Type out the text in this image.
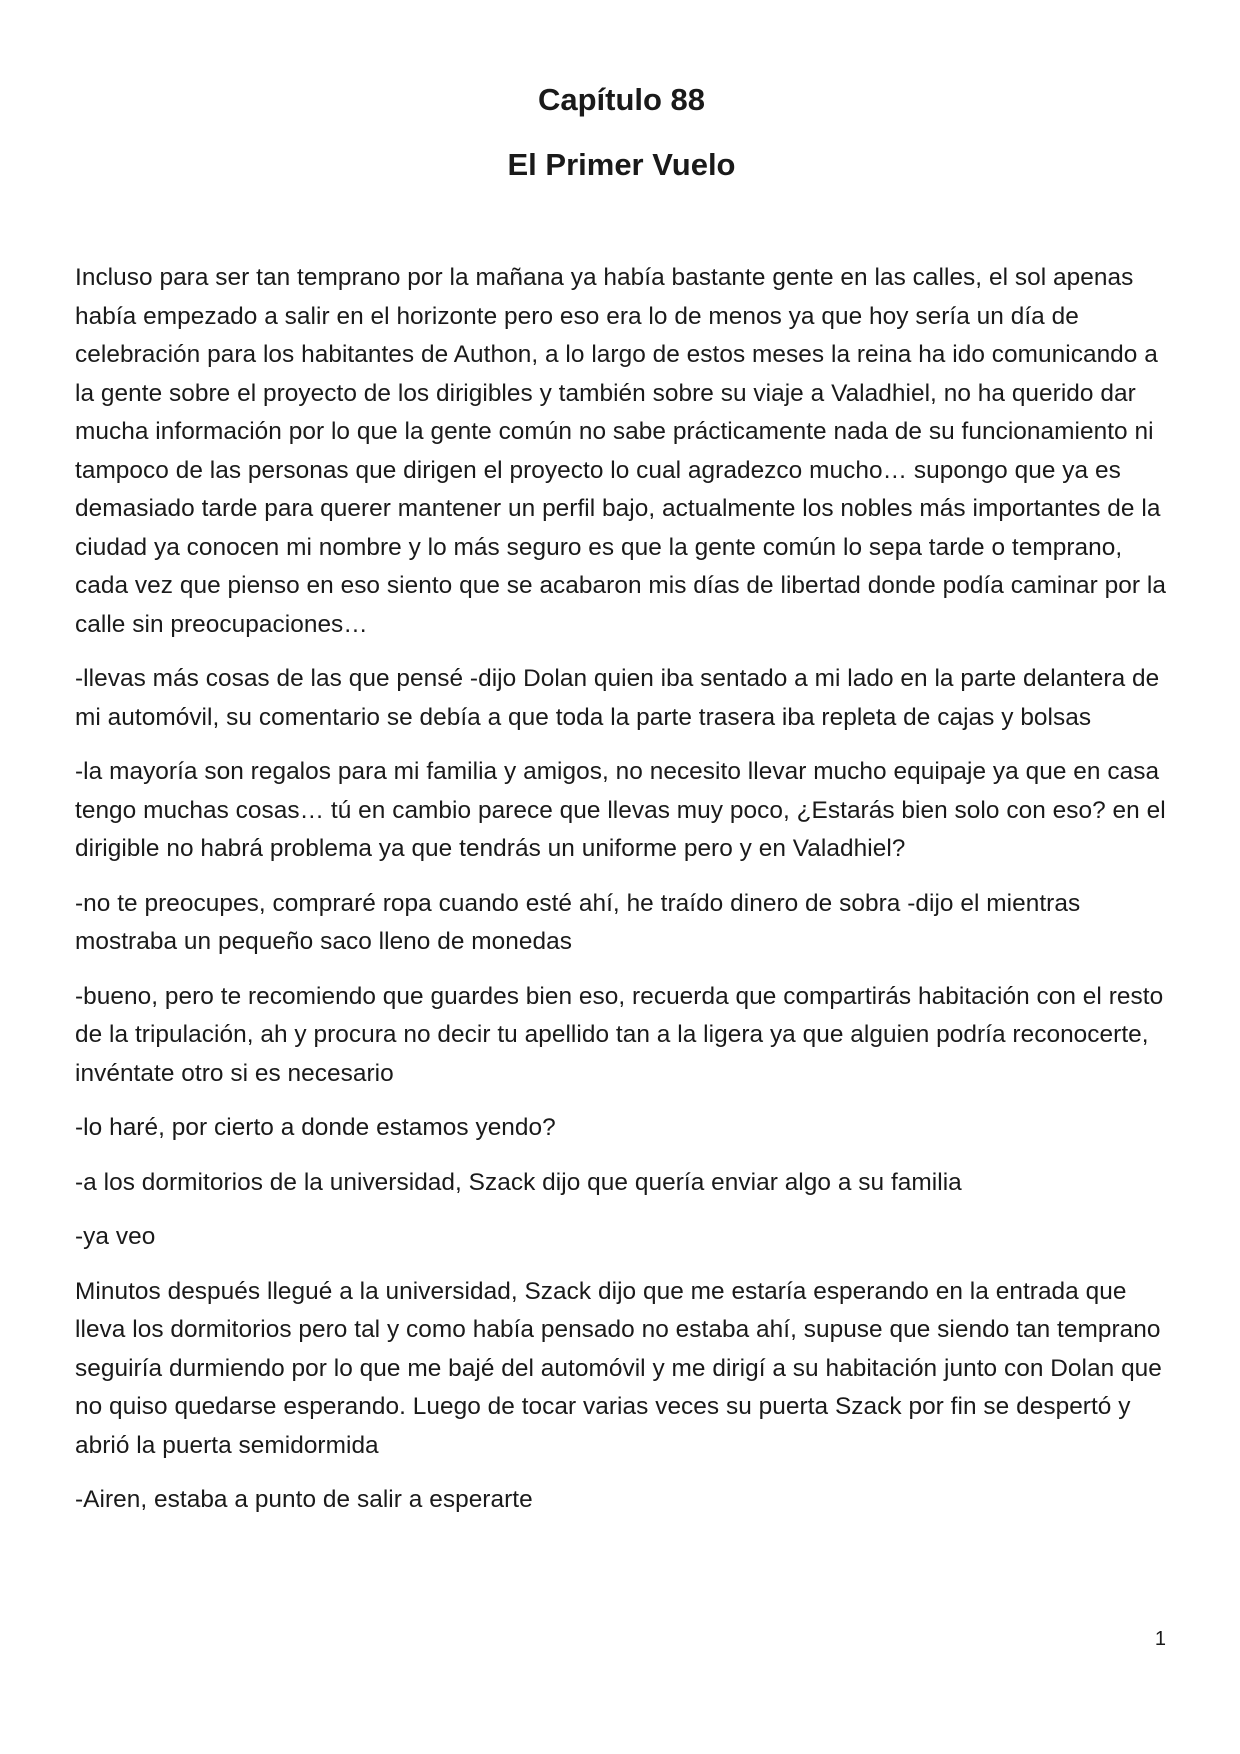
Capítulo 88
El Primer Vuelo

Incluso para ser tan temprano por la mañana ya había bastante gente en las calles, el sol apenas había empezado a salir en el horizonte pero eso era lo de menos ya que hoy sería un día de celebración para los habitantes de Authon, a lo largo de estos meses la reina ha ido comunicando a la gente sobre el proyecto de los dirigibles y también sobre su viaje a Valadhiel, no ha querido dar mucha información por lo que la gente común no sabe prácticamente nada de su funcionamiento ni tampoco de las personas que dirigen el proyecto lo cual agradezco mucho… supongo que ya es demasiado tarde para querer mantener un perfil bajo, actualmente los nobles más importantes de la ciudad ya conocen mi nombre y lo más seguro es que la gente común lo sepa tarde o temprano, cada vez que pienso en eso siento que se acabaron mis días de libertad donde podía caminar por la calle sin preocupaciones…

-llevas más cosas de las que pensé -dijo Dolan quien iba sentado a mi lado en la parte delantera de mi automóvil, su comentario se debía a que toda la parte trasera iba repleta de cajas y bolsas

-la mayoría son regalos para mi familia y amigos, no necesito llevar mucho equipaje ya que en casa tengo muchas cosas… tú en cambio parece que llevas muy poco, ¿Estarás bien solo con eso? en el dirigible no habrá problema ya que tendrás un uniforme pero y en Valadhiel?

-no te preocupes, compraré ropa cuando esté ahí, he traído dinero de sobra -dijo el mientras mostraba un pequeño saco lleno de monedas

-bueno, pero te recomiendo que guardes bien eso, recuerda que compartirás habitación con el resto de la tripulación, ah y procura no decir tu apellido tan a la ligera ya que alguien podría reconocerte, invéntate otro si es necesario

-lo haré, por cierto a donde estamos yendo?

-a los dormitorios de la universidad, Szack dijo que quería enviar algo a su familia

-ya veo

Minutos después llegué a la universidad, Szack dijo que me estaría esperando en la entrada que lleva los dormitorios pero tal y como había pensado no estaba ahí, supuse que siendo tan temprano seguiría durmiendo por lo que me bajé del automóvil y me dirigí a su habitación junto con Dolan que no quiso quedarse esperando. Luego de tocar varias veces su puerta Szack por fin se despertó y abrió la puerta semidormida

-Airen, estaba a punto de salir a esperarte

1
